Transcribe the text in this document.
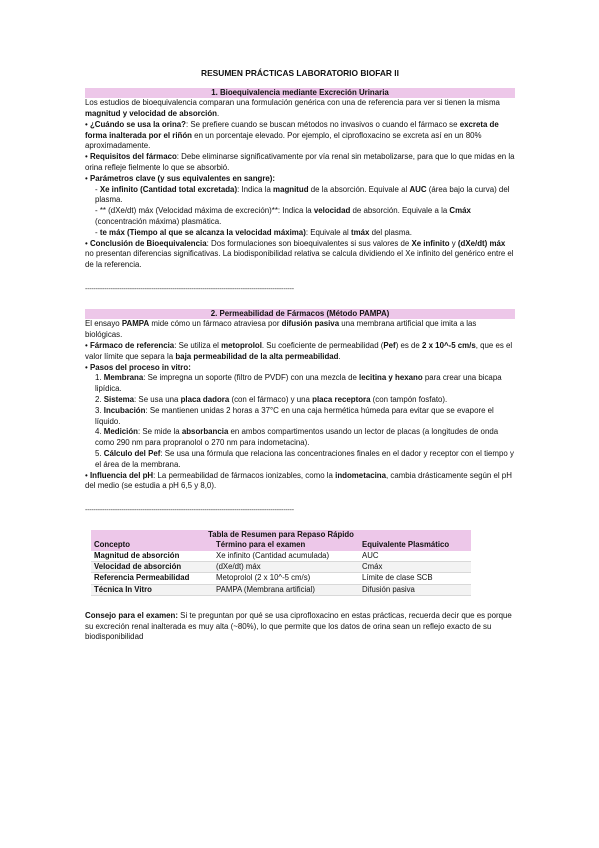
RESUMEN PRÁCTICAS LABORATORIO BIOFAR II

1. Bioequivalencia mediante Excreción Urinaria

Los estudios de bioequivalencia comparan una formulación genérica con una de referencia para ver si tienen la misma magnitud y velocidad de absorción.

• ¿Cuándo se usa la orina?: Se prefiere cuando se buscan métodos no invasivos o cuando el fármaco se excreta de forma inalterada por el riñón en un porcentaje elevado. Por ejemplo, el ciprofloxacino se excreta así en un 80% aproximadamente.

• Requisitos del fármaco: Debe eliminarse significativamente por vía renal sin metabolizarse, para que lo que midas en la orina refleje fielmente lo que se absorbió.

• Parámetros clave (y sus equivalentes en sangre):

- Xe infinito (Cantidad total excretada): Indica la magnitud de la absorción. Equivale al AUC (área bajo la curva) del plasma.

- ** (dXe/dt) máx (Velocidad máxima de excreción)**: Indica la velocidad de absorción. Equivale a la Cmáx (concentración máxima) plasmática.

- te máx (Tiempo al que se alcanza la velocidad máxima): Equivale al tmáx del plasma.

• Conclusión de Bioequivalencia: Dos formulaciones son bioequivalentes si sus valores de Xe infinito y (dXe/dt) máx no presentan diferencias significativas. La biodisponibilidad relativa se calcula dividiendo el Xe infinito del genérico entre el de la referencia.

--------------------------------------------------------------------------------------------------

2. Permeabilidad de Fármacos (Método PAMPA)

El ensayo PAMPA mide cómo un fármaco atraviesa por difusión pasiva una membrana artificial que imita a las biológicas.

• Fármaco de referencia: Se utiliza el metoprolol. Su coeficiente de permeabilidad (Pef) es de 2 x 10^-5 cm/s, que es el valor límite que separa la baja permeabilidad de la alta permeabilidad.

• Pasos del proceso in vitro:

1. Membrana: Se impregna un soporte (filtro de PVDF) con una mezcla de lecitina y hexano para crear una bicapa lipídica.

2. Sistema: Se usa una placa dadora (con el fármaco) y una placa receptora (con tampón fosfato).

3. Incubación: Se mantienen unidas 2 horas a 37°C en una caja hermética húmeda para evitar que se evapore el líquido.

4. Medición: Se mide la absorbancia en ambos compartimentos usando un lector de placas (a longitudes de onda como 290 nm para propranolol o 270 nm para indometacina).

5. Cálculo del Pef: Se usa una fórmula que relaciona las concentraciones finales en el dador y receptor con el tiempo y el área de la membrana.

• Influencia del pH: La permeabilidad de fármacos ionizables, como la indometacina, cambia drásticamente según el pH del medio (se estudia a pH 6,5 y 8,0).

--------------------------------------------------------------------------------------------------

Tabla de Resumen para Repaso Rápido
Concepto	Término para el examen	Equivalente Plasmático
Magnitud de absorción	Xe infinito (Cantidad acumulada)	AUC
Velocidad de absorción	(dXe/dt) máx	Cmáx
Referencia Permeabilidad	Metoprolol (2 x 10^-5 cm/s)	Límite de clase SCB
Técnica In Vitro	PAMPA (Membrana artificial)	Difusión pasiva

Consejo para el examen: Si te preguntan por qué se usa ciprofloxacino en estas prácticas, recuerda decir que es porque su excreción renal inalterada es muy alta (~80%), lo que permite que los datos de orina sean un reflejo exacto de su biodisponibilidad
